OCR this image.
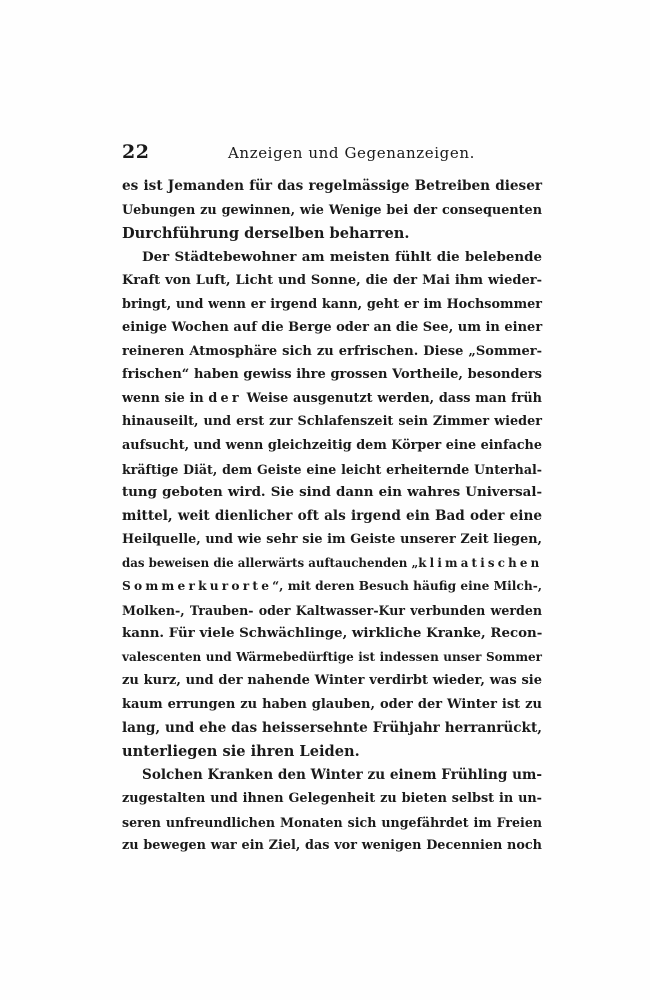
22	Anzeigen und Gegenanzeigen.
es ist Jemanden für das regelmässige Betreiben dieser
Uebungen zu gewinnen, wie Wenige bei der consequenten
Durchführung derselben beharren.
Der Städtebewohner am meisten fühlt die belebende
Kraft von Luft, Licht und Sonne, die der Mai ihm wieder-
bringt, und wenn er irgend kann, geht er im Hochsommer
einige Wochen auf die Berge oder an die See, um in einer
reineren Atmosphäre sich zu erfrischen. Diese „Sommer-
frischen“ haben gewiss ihre grossen Vortheile, besonders
wenn sie in der Weise ausgenutzt werden, dass man früh
hinauseilt, und erst zur Schlafenszeit sein Zimmer wieder
aufsucht, und wenn gleichzeitig dem Körper eine einfache
kräftige Diät, dem Geiste eine leicht erheiternde Unterhal-
tung geboten wird. Sie sind dann ein wahres Universal-
mittel, weit dienlicher oft als irgend ein Bad oder eine
Heilquelle, und wie sehr sie im Geiste unserer Zeit liegen,
das beweisen die allerwärts auftauchenden „klimatischen
Sommerkurorte“, mit deren Besuch häufig eine Milch-,
Molken-, Trauben- oder Kaltwasser-Kur verbunden werden
kann. Für viele Schwächlinge, wirkliche Kranke, Recon-
valescenten und Wärmebedürftige ist indessen unser Sommer
zu kurz, und der nahende Winter verdirbt wieder, was sie
kaum errungen zu haben glauben, oder der Winter ist zu
lang, und ehe das heissersehnte Frühjahr herranrückt,
unterliegen sie ihren Leiden.
Solchen Kranken den Winter zu einem Frühling um-
zugestalten und ihnen Gelegenheit zu bieten selbst in un-
seren unfreundlichen Monaten sich ungefährdet im Freien
zu bewegen war ein Ziel, das vor wenigen Decennien noch
